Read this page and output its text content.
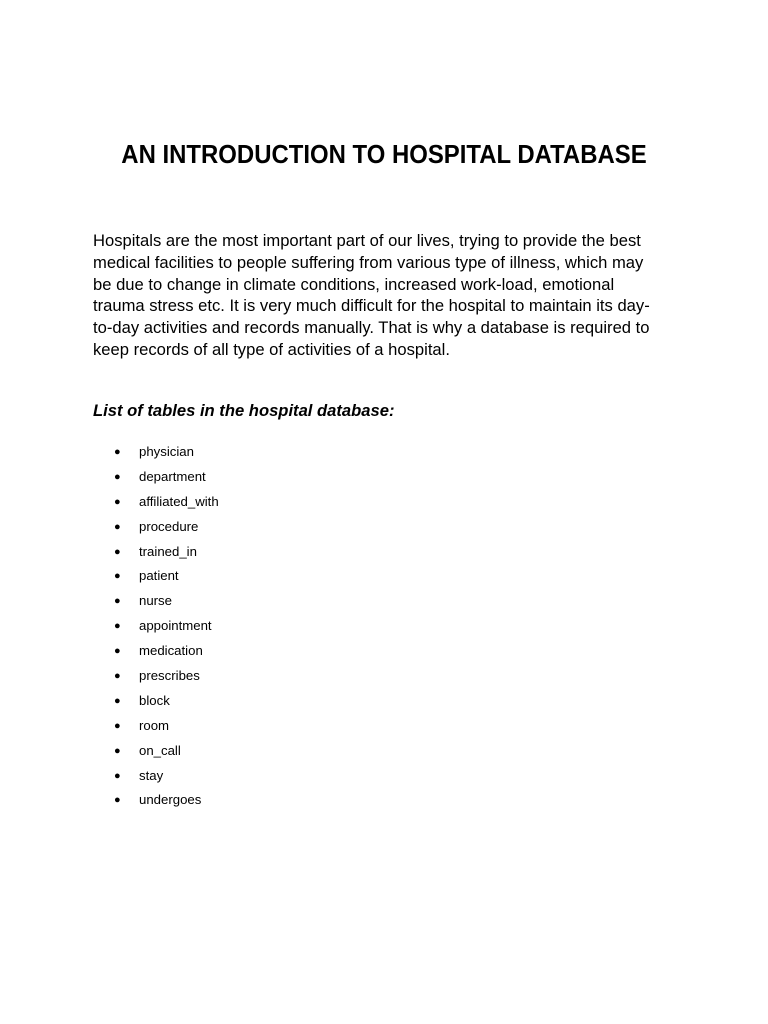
AN INTRODUCTION TO HOSPITAL DATABASE

Hospitals are the most important part of our lives, trying to provide the best
medical facilities to people suffering from various type of illness, which may
be due to change in climate conditions, increased work-load, emotional
trauma stress etc. It is very much difficult for the hospital to maintain its day-
to-day activities and records manually. That is why a database is required to
keep records of all type of activities of a hospital.

List of tables in the hospital database:

● physician
● department
● affiliated_with
● procedure
● trained_in
● patient
● nurse
● appointment
● medication
● prescribes
● block
● room
● on_call
● stay
● undergoes
